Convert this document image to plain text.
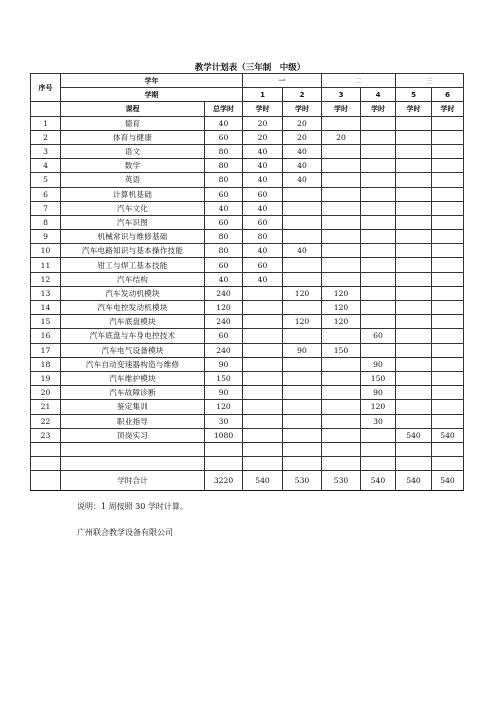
教学计划表（三年制　中级）
序号	学年		一		二		三	
	学期		1	2	3	4	5	6
	课程	总学时	学时	学时	学时	学时	学时	学时
1	德育	40	20	20				
2	体育与健康	60	20	20	20			
3	语文	80	40	40				
4	数学	80	40	40				
5	英语	80	40	40				
6	计算机基础	60	60					
7	汽车文化	40	40					
8	汽车识图	60	60					
9	机械常识与维修基础	80	80					
10	汽车电路知识与基本操作技能	80	40	40				
11	钳工与焊工基本技能	60	60					
12	汽车结构	40	40					
13	汽车发动机模块	240		120	120			
14	汽车电控发动机模块	120			120			
15	汽车底盘模块	240		120	120			
16	汽车底盘与车身电控技术	60				60		
17	汽车电气设备模块	240		90	150			
18	汽车自动变速器构造与维修	90				90		
19	汽车维护模块	150				150		
20	汽车故障诊断	90				90		
21	鉴定集训	120				120		
22	职业指导	30				30		
23	顶岗实习	1080					540	540

	学时合计	3220	540	530	530	540	540	540
说明：1 周按照 30 学时计算。
广州联合教学设备有限公司
